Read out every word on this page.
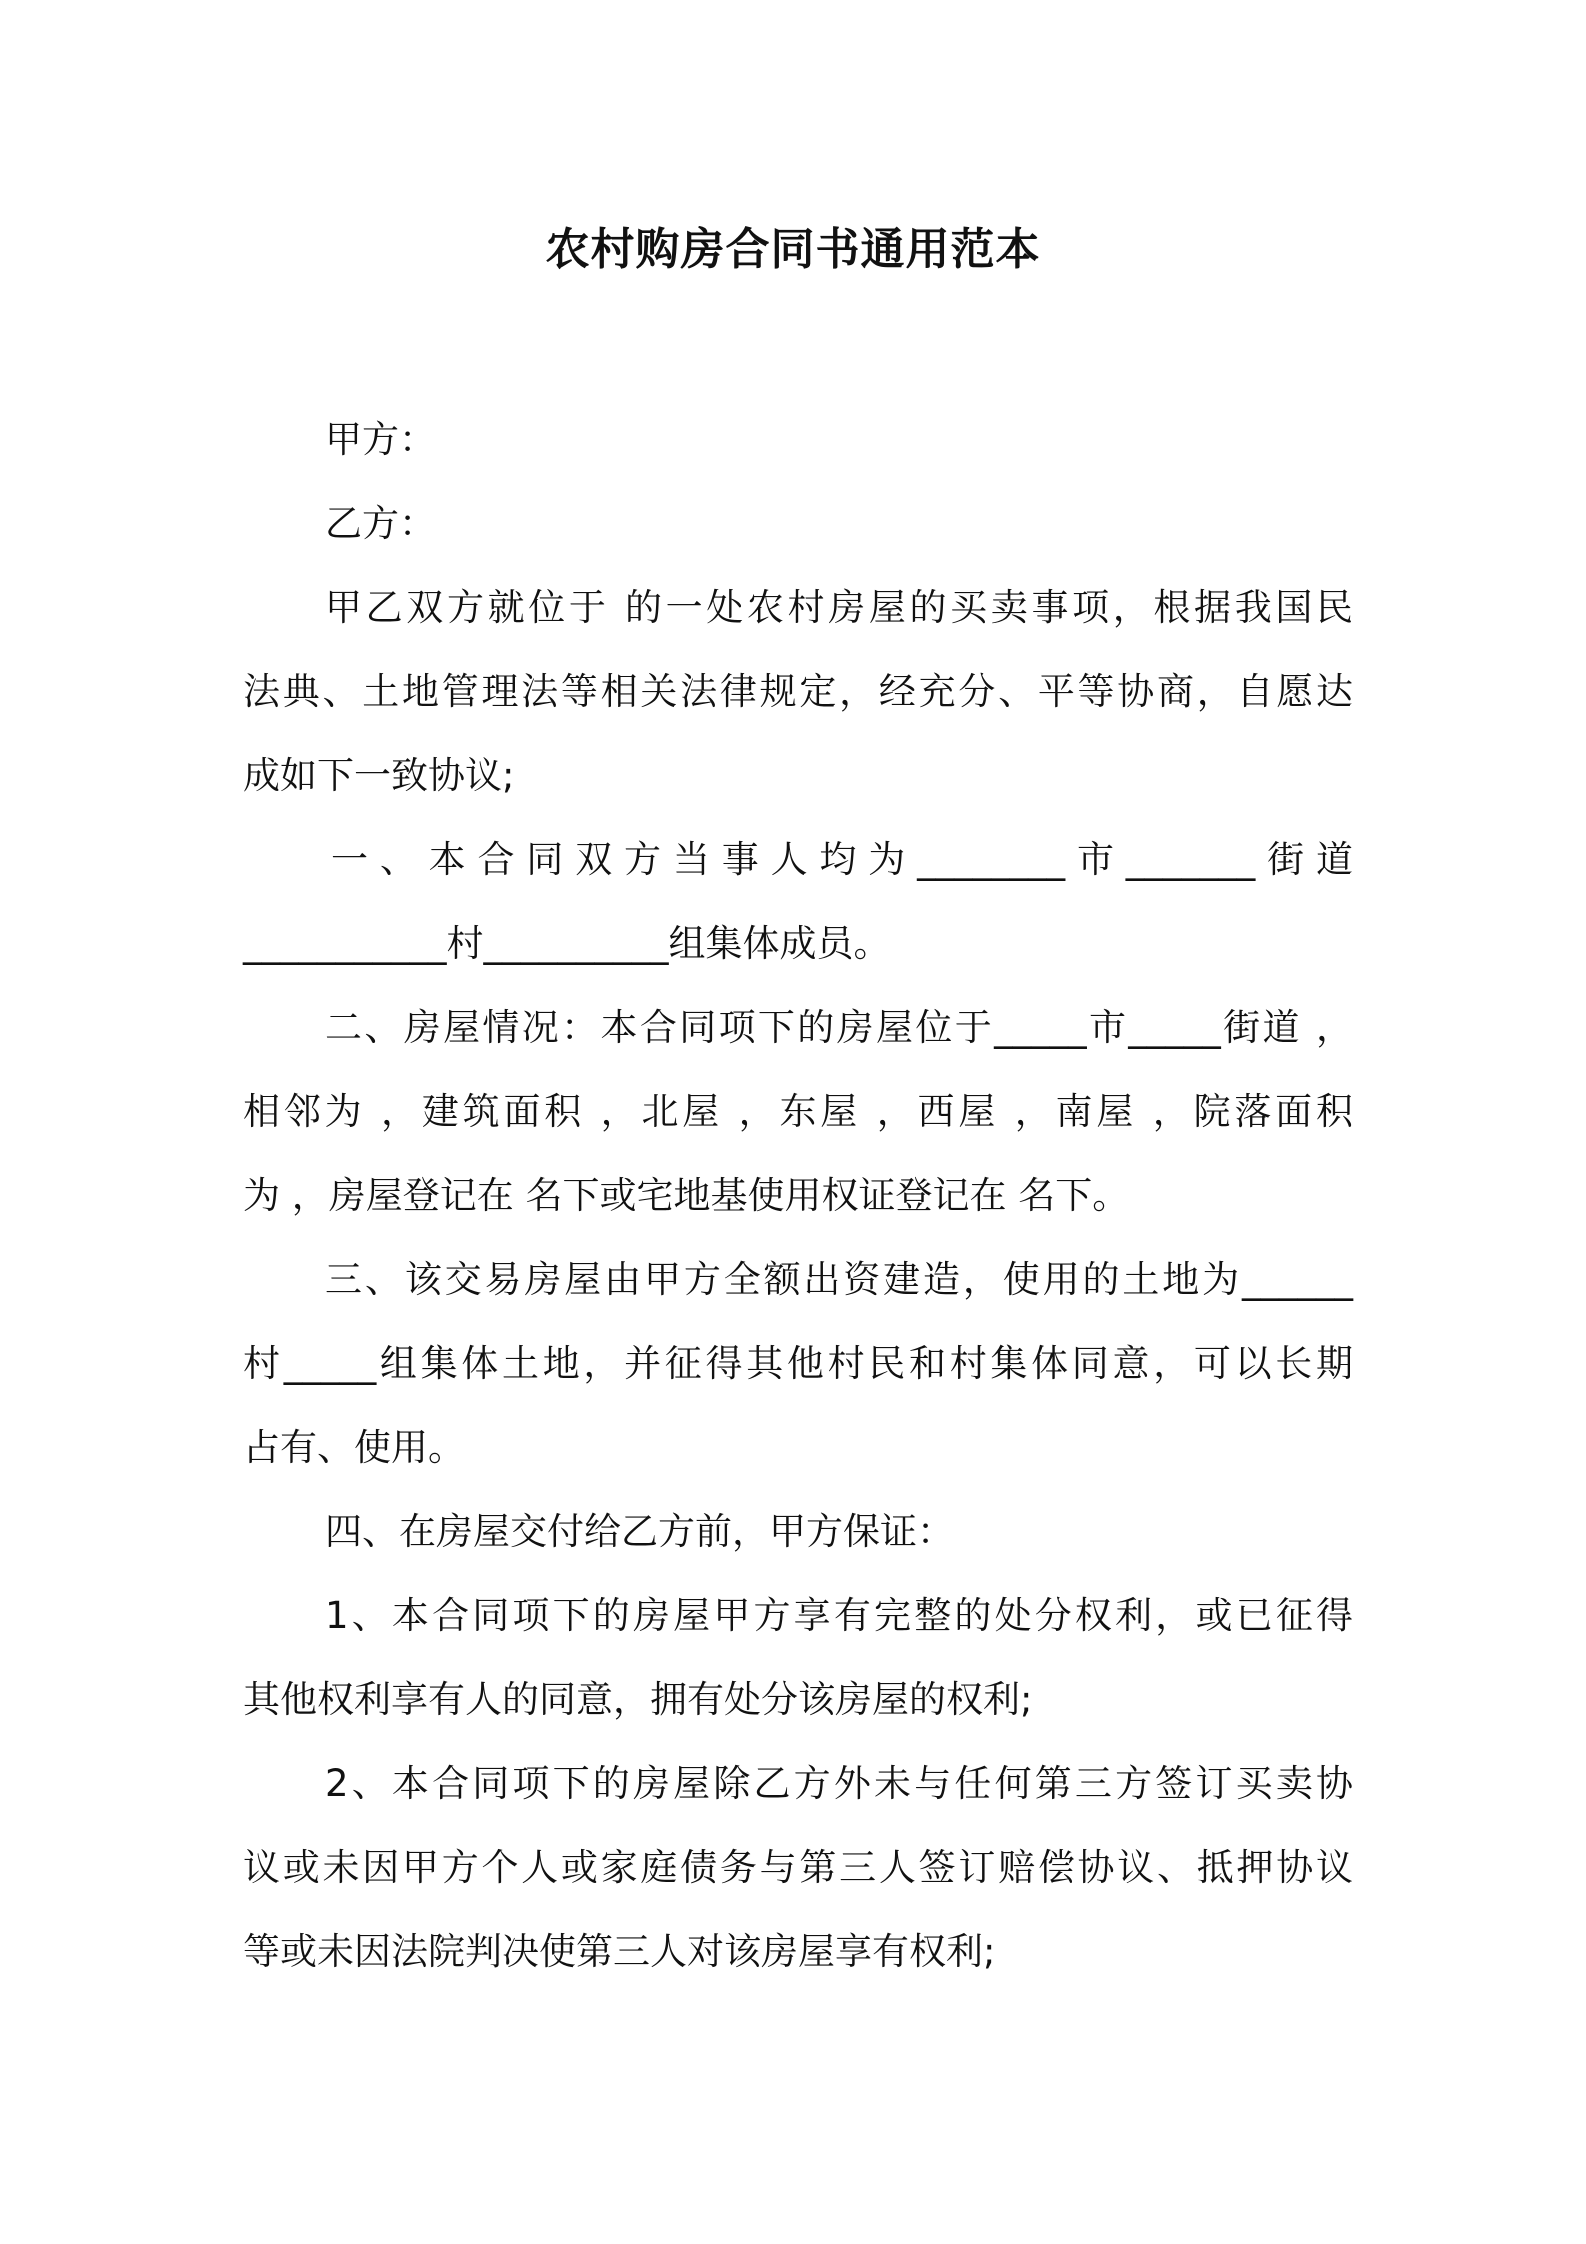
农村购房合同书通用范本
甲方：
乙方：
甲乙双方就位于 的一处农村房屋的买卖事项，根据我国民
法典、土地管理法等相关法律规定，经充分、平等协商，自愿达
成如下一致协议;
一、本合同双方当事人均为________市_______街道
___________村__________组集体成员。
二、房屋情况：本合同项下的房屋位于_____市_____街道 ，
相邻为 ，建筑面积 ，北屋 ，东屋 ，西屋 ，南屋 ，院落面积
为 ，房屋登记在 名下或宅地基使用权证登记在 名下。
三、该交易房屋由甲方全额出资建造，使用的土地为______
村_____组集体土地，并征得其他村民和村集体同意，可以长期
占有、使用。
四、在房屋交付给乙方前，甲方保证：
1、本合同项下的房屋甲方享有完整的处分权利，或已征得
其他权利享有人的同意，拥有处分该房屋的权利;
2、本合同项下的房屋除乙方外未与任何第三方签订买卖协
议或未因甲方个人或家庭债务与第三人签订赔偿协议、抵押协议
等或未因法院判决使第三人对该房屋享有权利;
